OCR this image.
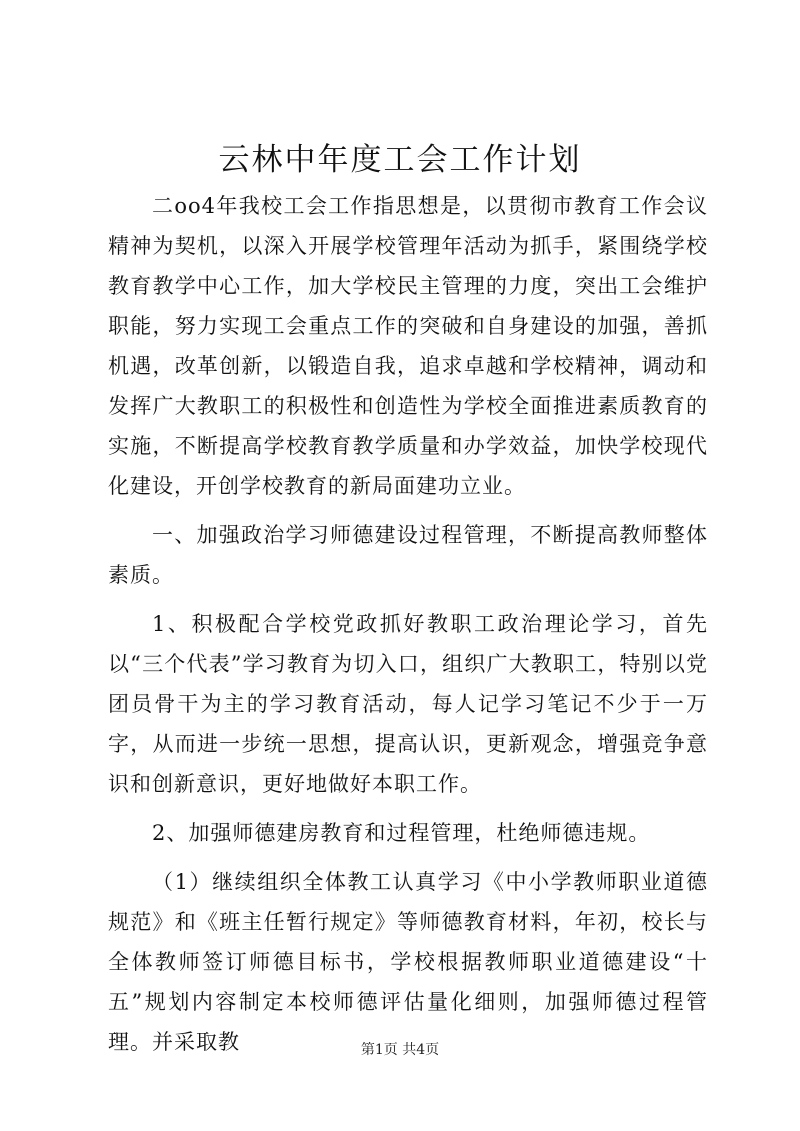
云林中年度工会工作计划

二oo4年我校工会工作指思想是，以贯彻市教育工作会议精神为契机，以深入开展学校管理年活动为抓手，紧围绕学校教育教学中心工作，加大学校民主管理的力度，突出工会维护职能，努力实现工会重点工作的突破和自身建设的加强，善抓机遇，改革创新，以锻造自我，追求卓越和学校精神，调动和发挥广大教职工的积极性和创造性为学校全面推进素质教育的实施，不断提高学校教育教学质量和办学效益，加快学校现代化建设，开创学校教育的新局面建功立业。

一、加强政治学习师德建设过程管理，不断提高教师整体素质。

1、积极配合学校党政抓好教职工政治理论学习，首先以“三个代表”学习教育为切入口，组织广大教职工，特别以党团员骨干为主的学习教育活动，每人记学习笔记不少于一万字，从而进一步统一思想，提高认识，更新观念，增强竞争意识和创新意识，更好地做好本职工作。

2、加强师德建房教育和过程管理，杜绝师德违规。

（1）继续组织全体教工认真学习《中小学教师职业道德规范》和《班主任暂行规定》等师德教育材料，年初，校长与全体教师签订师德目标书，学校根据教师职业道德建设“十五”规划内容制定本校师德评估量化细则，加强师德过程管理。并采取教	第1页 共4页
